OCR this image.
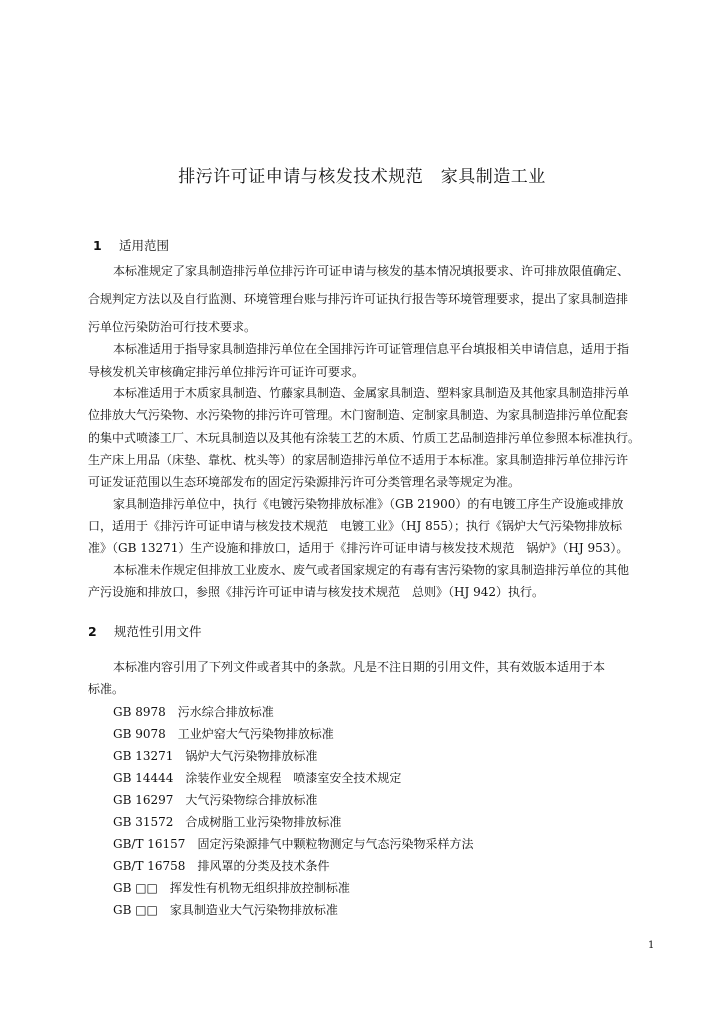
排污许可证申请与核发技术规范　家具制造工业
1 适用范围
本标准规定了家具制造排污单位排污许可证申请与核发的基本情况填报要求、许可排放限值确定、
合规判定方法以及自行监测、环境管理台账与排污许可证执行报告等环境管理要求，提出了家具制造排
污单位污染防治可行技术要求。
本标准适用于指导家具制造排污单位在全国排污许可证管理信息平台填报相关申请信息，适用于指
导核发机关审核确定排污单位排污许可证许可要求。
本标准适用于木质家具制造、竹藤家具制造、金属家具制造、塑料家具制造及其他家具制造排污单
位排放大气污染物、水污染物的排污许可管理。木门窗制造、定制家具制造、为家具制造排污单位配套
的集中式喷漆工厂、木玩具制造以及其他有涂装工艺的木质、竹质工艺品制造排污单位参照本标准执行。
生产床上用品（床垫、靠枕、枕头等）的家居制造排污单位不适用于本标准。家具制造排污单位排污许
可证发证范围以生态环境部发布的固定污染源排污许可分类管理名录等规定为准。
家具制造排污单位中，执行《电镀污染物排放标准》（GB 21900）的有电镀工序生产设施或排放
口，适用于《排污许可证申请与核发技术规范　电镀工业》（HJ 855）；执行《锅炉大气污染物排放标
准》（GB 13271）生产设施和排放口，适用于《排污许可证申请与核发技术规范　锅炉》（HJ 953）。
本标准未作规定但排放工业废水、废气或者国家规定的有毒有害污染物的家具制造排污单位的其他
产污设施和排放口，参照《排污许可证申请与核发技术规范　总则》（HJ 942）执行。
2 规范性引用文件
本标准内容引用了下列文件或者其中的条款。凡是不注日期的引用文件，其有效版本适用于本
标准。
GB 8978　污水综合排放标准
GB 9078　工业炉窑大气污染物排放标准
GB 13271　锅炉大气污染物排放标准
GB 14444　涂装作业安全规程　喷漆室安全技术规定
GB 16297　大气污染物综合排放标准
GB 31572　合成树脂工业污染物排放标准
GB/T 16157　固定污染源排气中颗粒物测定与气态污染物采样方法
GB/T 16758　排风罩的分类及技术条件
GB □□　挥发性有机物无组织排放控制标准
GB □□　家具制造业大气污染物排放标准
1
